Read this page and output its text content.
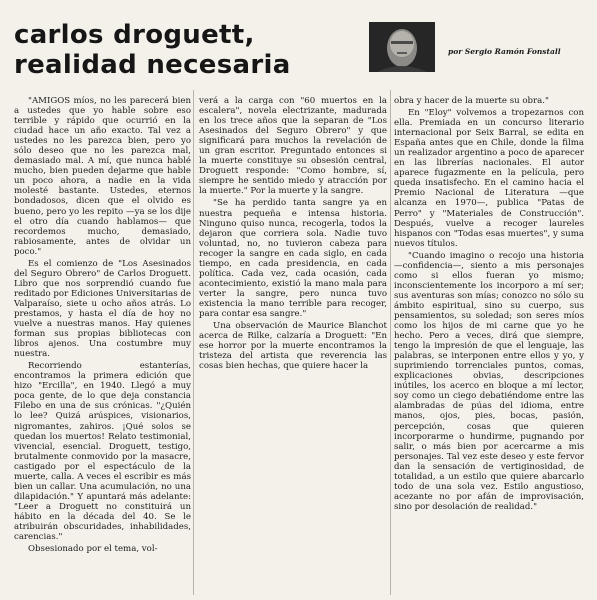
carlos droguett,
realidad necesaria	por Sergio Ramón Fonstall

"AMIGOS míos, no les parecerá bien a ustedes que yo hable sobre eso terrible y rápido que ocurrió en la ciudad hace un año exacto. Tal vez a ustedes no les parezca bien, pero yo sólo deseo que no les parezca mal, demasiado mal. A mí, que nunca hablé mucho, bien pueden dejarme que hable un poco ahora, a nadie en la vida molesté bastante. Ustedes, eternos bondadosos, dicen que el olvido es bueno, pero yo les repito —ya se los dije el otro día cuando hablamos— que recordemos mucho, demasiado, rabiosamente, antes de olvidar un poco."

Es el comienzo de "Los Asesinados del Seguro Obrero" de Carlos Droguett. Libro que nos sorprendió cuando fue reditado por Ediciones Universitarias de Valparaíso, siete u ocho años atrás. Lo prestamos, y hasta el día de hoy no vuelve a nuestras manos. Hay quienes forman sus propias bibliotecas con libros ajenos. Una costumbre muy nuestra.

Recorriendo estanterías, encontramos la primera edición que hizo "Ercilla", en 1940. Llegó a muy poca gente, de lo que deja constancia Filebo en una de sus crónicas. "¿Quién lo lee? Quizá arúspices, visionarios, nigromantes, zahiros. ¡Qué solos se quedan los muertos! Relato testimonial, vivencial, esencial. Droguett, testigo, brutalmente conmovido por la masacre, castigado por el espectáculo de la muerte, calla. A veces el escribir es más bien un callar. Una acumulación, no una dilapidación." Y apuntará más adelante: "Leer a Droguett no constituirá un hábito en la década del 40. Se le atribuirán obscuridades, inhabilidades, carencias."

Obsesionado por el tema, vol-

verá a la carga con "60 muertos en la escalera", novela electrizante, madurada en los trece años que la separan de "Los Asesinados del Seguro Obrero" y que significará para muchos la revelación de un gran escritor. Preguntado entonces si la muerte constituye su obsesión central, Droguett responde: "Como hombre, sí, siempre he sentido miedo y atracción por la muerte." Por la muerte y la sangre.

"Se ha perdido tanta sangre ya en nuestra pequeña e intensa historia. Ninguno quiso nunca, recogerla, todos la dejaron que corriera sola. Nadie tuvo voluntad, no, no tuvieron cabeza para recoger la sangre en cada siglo, en cada tiempo, en cada presidencia, en cada política. Cada vez, cada ocasión, cada acontecimiento, existió la mano mala para verter la sangre, pero nunca tuvo existencia la mano terrible para recoger, para contar esa sangre."

Una observación de Maurice Blanchot acerca de Rilke, calzaría a Droguett: "En ese horror por la muerte encontramos la tristeza del artista que reverencia las cosas bien hechas, que quiere hacer la

obra y hacer de la muerte su obra."

En "Eloy" volvemos a tropezarnos con ella. Premiada en un concurso literario internacional por Seix Barral, se edita en España antes que en Chile, donde la filma un realizador argentino a poco de aparecer en las librerías nacionales. El autor aparece fugazmente en la película, pero queda insatisfecho. En el camino hacia el Premio Nacional de Literatura —que alcanza en 1970—, publica "Patas de Perro" y "Materiales de Construcción". Después, vuelve a recoger laureles hispanos con "Todas esas muertes", y suma nuevos títulos.

"Cuando imagino o recojo una historia —confidencia—, siento a mis personajes como si ellos fueran yo mismo; inconscientemente los incorporo a mí ser; sus aventuras son mías; conozco no sólo su ámbito espiritual, sino su cuerpo, sus pensamientos, su soledad; son seres míos como los hijos de mi carne que yo he hecho. Pero a veces, dirá que siempre, tengo la impresión de que el lenguaje, las palabras, se interponen entre ellos y yo, y suprimiendo torrenciales puntos, comas, explicaciones obvias, descripciones inútiles, los acerco en bloque a mí lector, soy como un ciego debatiéndome entre las alambradas de púas del idioma, entre manos, ojos, pies, bocas, pasión, percepción, cosas que quieren incorporarme o hundirme, pugnando por salir, o más bien por acercarme a mis personajes. Tal vez este deseo y este fervor dan la sensación de vertiginosidad, de totalidad, a un estilo que quiere abarcarlo todo de una sola vez. Estilo angustioso, acezante no por afán de improvisación, sino por desolación de realidad."
